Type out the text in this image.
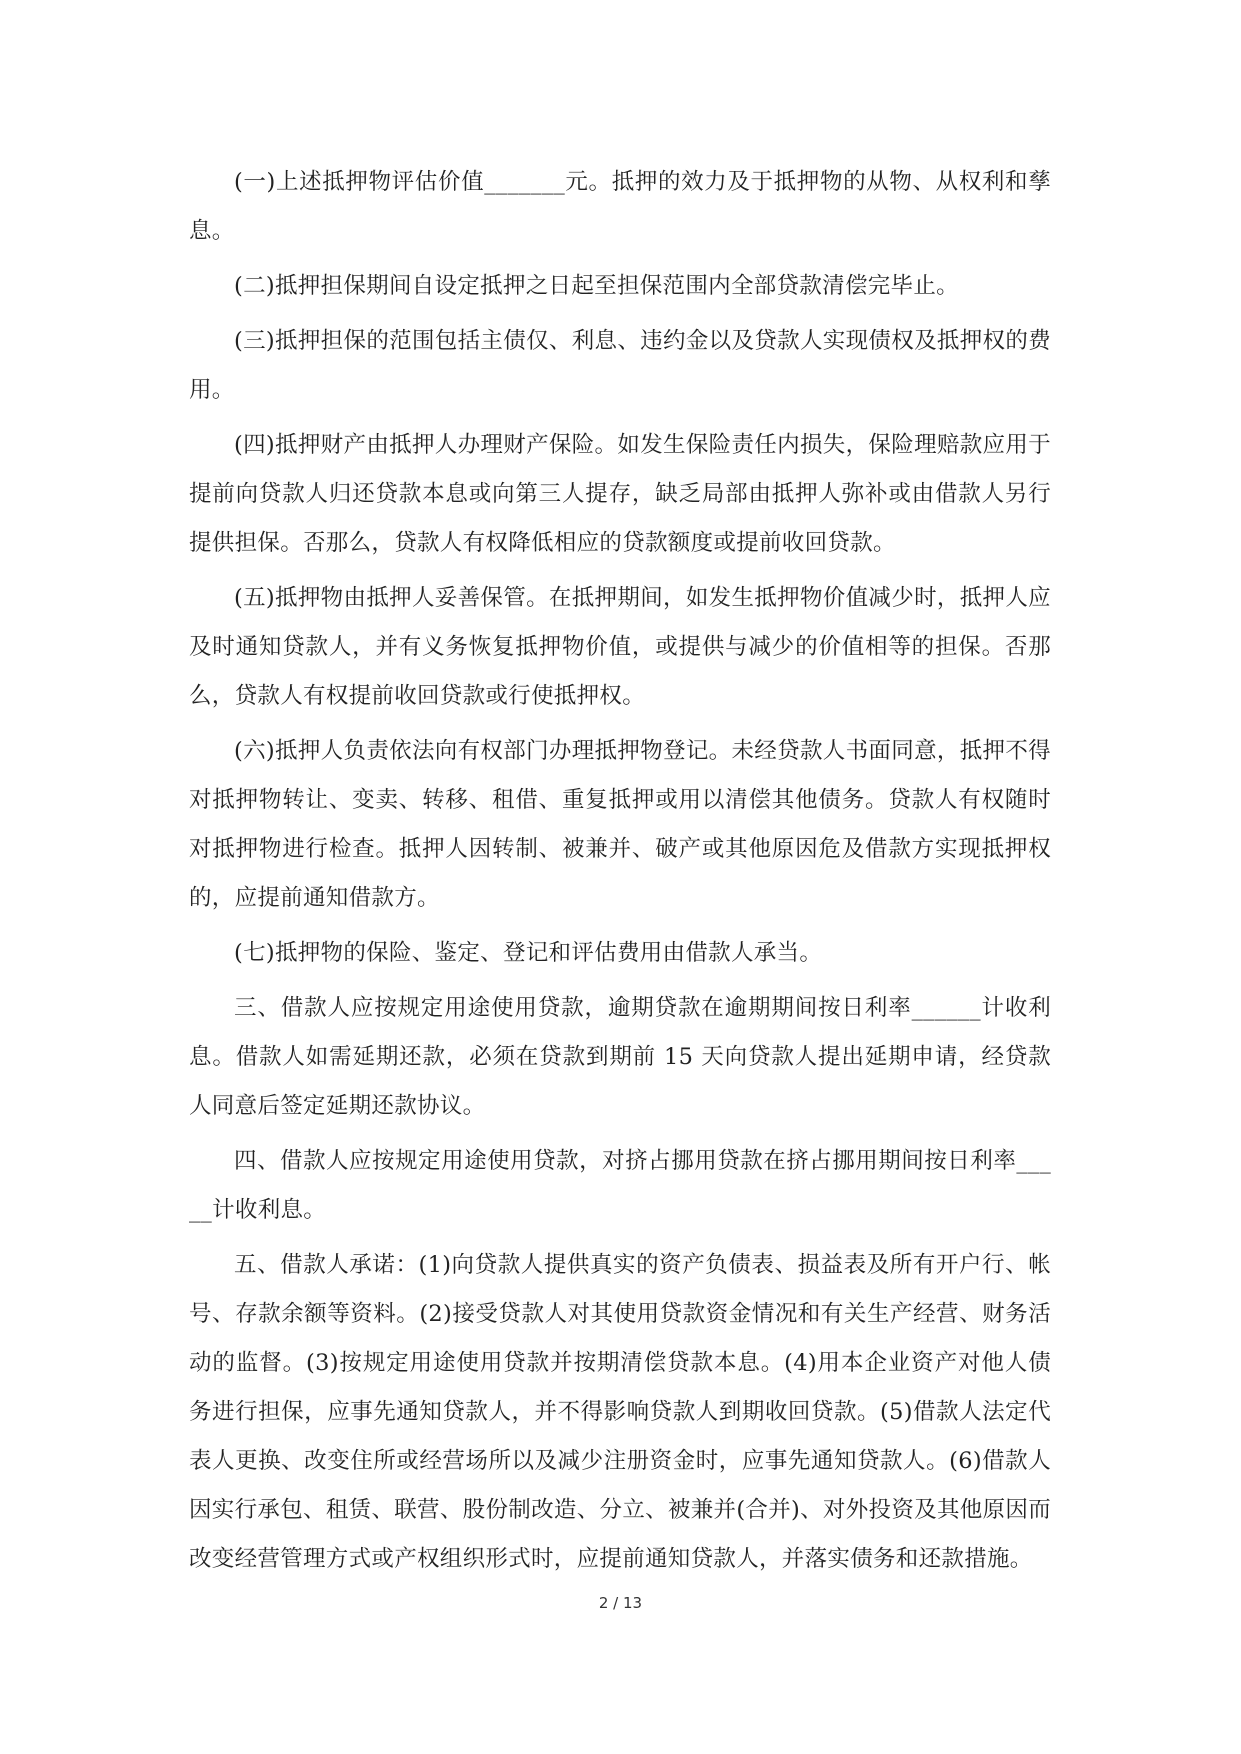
(一)上述抵押物评估价值_______元。抵押的效力及于抵押物的从物、从权利和孳息。

(二)抵押担保期间自设定抵押之日起至担保范围内全部贷款清偿完毕止。

(三)抵押担保的范围包括主债仅、利息、违约金以及贷款人实现债权及抵押权的费用。

(四)抵押财产由抵押人办理财产保险。如发生保险责任内损失，保险理赔款应用于提前向贷款人归还贷款本息或向第三人提存，缺乏局部由抵押人弥补或由借款人另行提供担保。否那么，贷款人有权降低相应的贷款额度或提前收回贷款。

(五)抵押物由抵押人妥善保管。在抵押期间，如发生抵押物价值减少时，抵押人应及时通知贷款人，并有义务恢复抵押物价值，或提供与减少的价值相等的担保。否那么，贷款人有权提前收回贷款或行使抵押权。

(六)抵押人负责依法向有权部门办理抵押物登记。未经贷款人书面同意，抵押不得对抵押物转让、变卖、转移、租借、重复抵押或用以清偿其他债务。贷款人有权随时对抵押物进行检查。抵押人因转制、被兼并、破产或其他原因危及借款方实现抵押权的，应提前通知借款方。

(七)抵押物的保险、鉴定、登记和评估费用由借款人承当。

三、借款人应按规定用途使用贷款，逾期贷款在逾期期间按日利率______计收利息。借款人如需延期还款，必须在贷款到期前 15 天向贷款人提出延期申请，经贷款人同意后签定延期还款协议。

四、借款人应按规定用途使用贷款，对挤占挪用贷款在挤占挪用期间按日利率_____计收利息。

五、借款人承诺：(1)向贷款人提供真实的资产负债表、损益表及所有开户行、帐号、存款余额等资料。(2)接受贷款人对其使用贷款资金情况和有关生产经营、财务活动的监督。(3)按规定用途使用贷款并按期清偿贷款本息。(4)用本企业资产对他人债务进行担保，应事先通知贷款人，并不得影响贷款人到期收回贷款。(5)借款人法定代表人更换、改变住所或经营场所以及减少注册资金时，应事先通知贷款人。(6)借款人因实行承包、租赁、联营、股份制改造、分立、被兼并(合并)、对外投资及其他原因而改变经营管理方式或产权组织形式时，应提前通知贷款人，并落实债务和还款措施。

2 / 13
